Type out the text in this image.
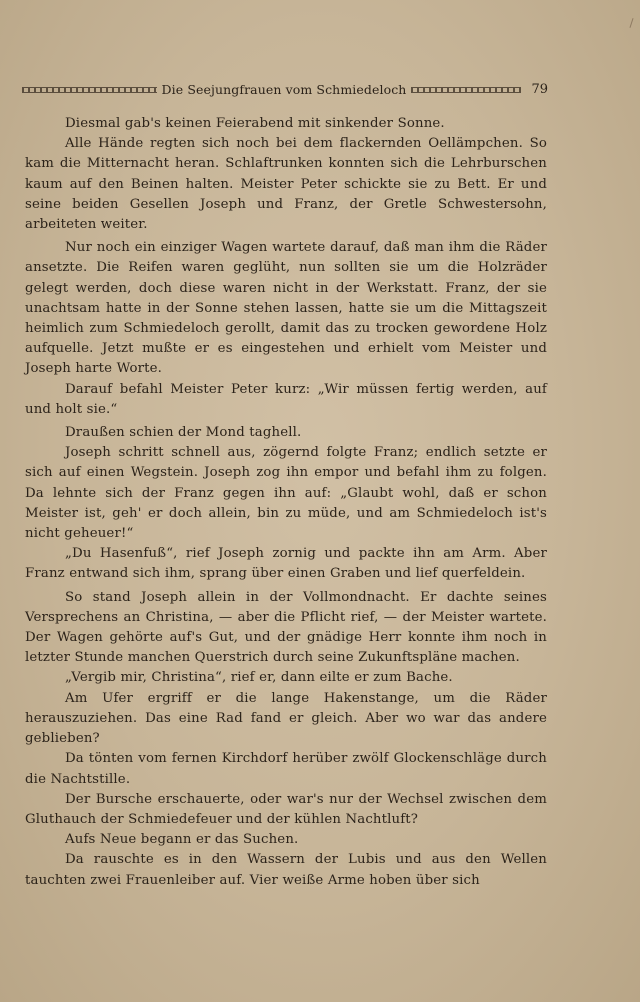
Die Seejungfrauen vom Schmiedeloch	79

Diesmal gab's keinen Feierabend mit sinkender Sonne.

Alle Hände regten sich noch bei dem flackernden Oellämpchen. So kam die Mitternacht heran. Schlaftrunken konnten sich die Lehrburschen kaum auf den Beinen halten. Meister Peter schickte sie zu Bett. Er und seine beiden Gesellen Joseph und Franz, der Gretle Schwestersohn, arbeiteten weiter.

Nur noch ein einziger Wagen wartete darauf, daß man ihm die Räder ansetzte. Die Reifen waren geglüht, nun sollten sie um die Holzräder gelegt werden, doch diese waren nicht in der Werkstatt. Franz, der sie unachtsam hatte in der Sonne stehen lassen, hatte sie um die Mittagszeit heimlich zum Schmiedeloch gerollt, damit das zu trocken gewordene Holz aufquelle. Jetzt mußte er es eingestehen und erhielt vom Meister und Joseph harte Worte.

Darauf befahl Meister Peter kurz: „Wir müssen fertig werden, auf und holt sie.“

Draußen schien der Mond taghell.

Joseph schritt schnell aus, zögernd folgte Franz; endlich setzte er sich auf einen Wegstein. Joseph zog ihn empor und befahl ihm zu folgen. Da lehnte sich der Franz gegen ihn auf: „Glaubt wohl, daß er schon Meister ist, geh' er doch allein, bin zu müde, und am Schmiedeloch ist's nicht geheuer!“

„Du Hasenfuß“, rief Joseph zornig und packte ihn am Arm. Aber Franz entwand sich ihm, sprang über einen Graben und lief querfeldein.

So stand Joseph allein in der Vollmondnacht. Er dachte seines Versprechens an Christina, — aber die Pflicht rief, — der Meister wartete. Der Wagen gehörte auf's Gut, und der gnädige Herr konnte ihm noch in letzter Stunde manchen Querstrich durch seine Zukunftspläne machen.

„Vergib mir, Christina“, rief er, dann eilte er zum Bache.

Am Ufer ergriff er die lange Hakenstange, um die Räder herauszuziehen. Das eine Rad fand er gleich. Aber wo war das andere geblieben?

Da tönten vom fernen Kirchdorf herüber zwölf Glockenschläge durch die Nachtstille.

Der Bursche erschauerte, oder war's nur der Wechsel zwischen dem Gluthauch der Schmiedefeuer und der kühlen Nachtluft?

Aufs Neue begann er das Suchen.

Da rauschte es in den Wassern der Lubis und aus den Wellen tauchten zwei Frauenleiber auf. Vier weiße Arme hoben über sich
